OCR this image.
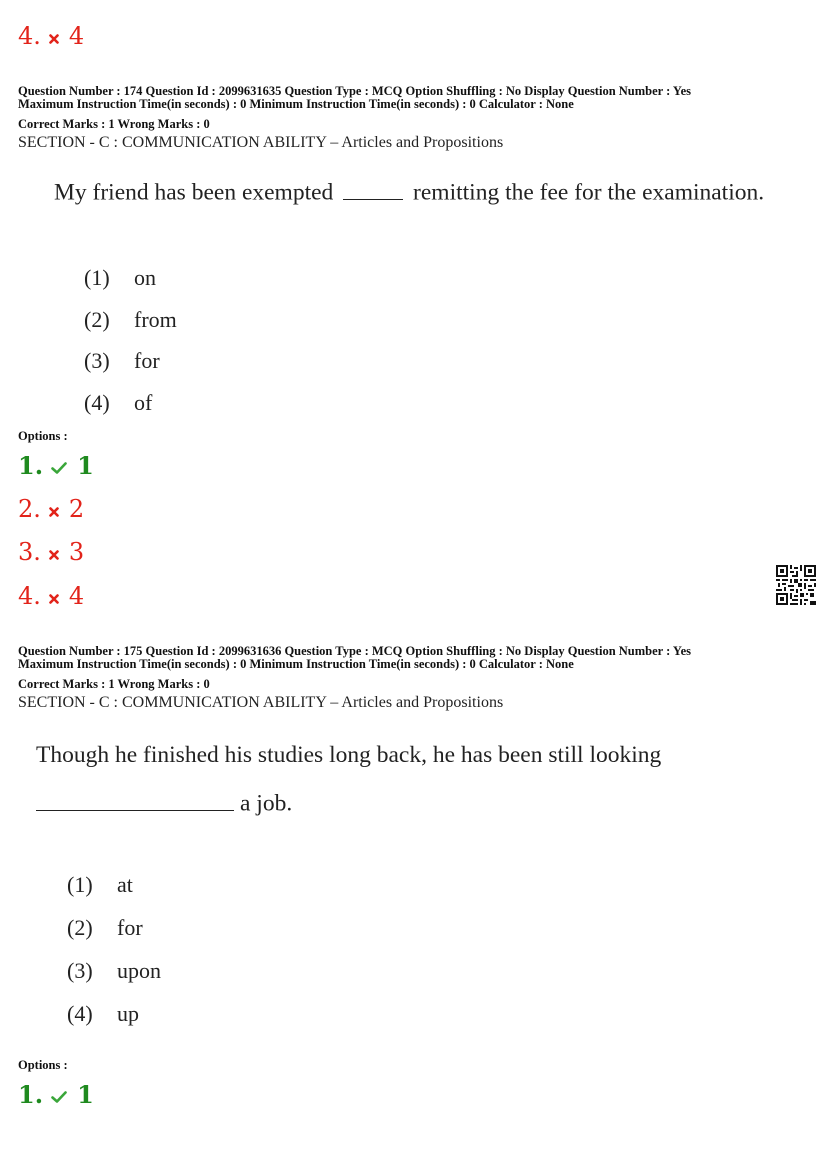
4. 4
Question Number : 174 Question Id : 2099631635 Question Type : MCQ Option Shuffling : No Display Question Number : Yes
Maximum Instruction Time(in seconds) : 0 Minimum Instruction Time(in seconds) : 0 Calculator : None
Correct Marks : 1 Wrong Marks : 0
SECTION - C : COMMUNICATION ABILITY – Articles and Propositions
My friend has been exempted	remitting the fee for the examination.
(1) on
(2) from
(3) for
(4) of
Options :
1. 1
2. 2
3. 3
4. 4
Question Number : 175 Question Id : 2099631636 Question Type : MCQ Option Shuffling : No Display Question Number : Yes
Maximum Instruction Time(in seconds) : 0 Minimum Instruction Time(in seconds) : 0 Calculator : None
Correct Marks : 1 Wrong Marks : 0
SECTION - C : COMMUNICATION ABILITY – Articles and Propositions
Though he finished his studies long back, he has been still looking
a job.
(1) at
(2) for
(3) upon
(4) up
Options :
1. 1
